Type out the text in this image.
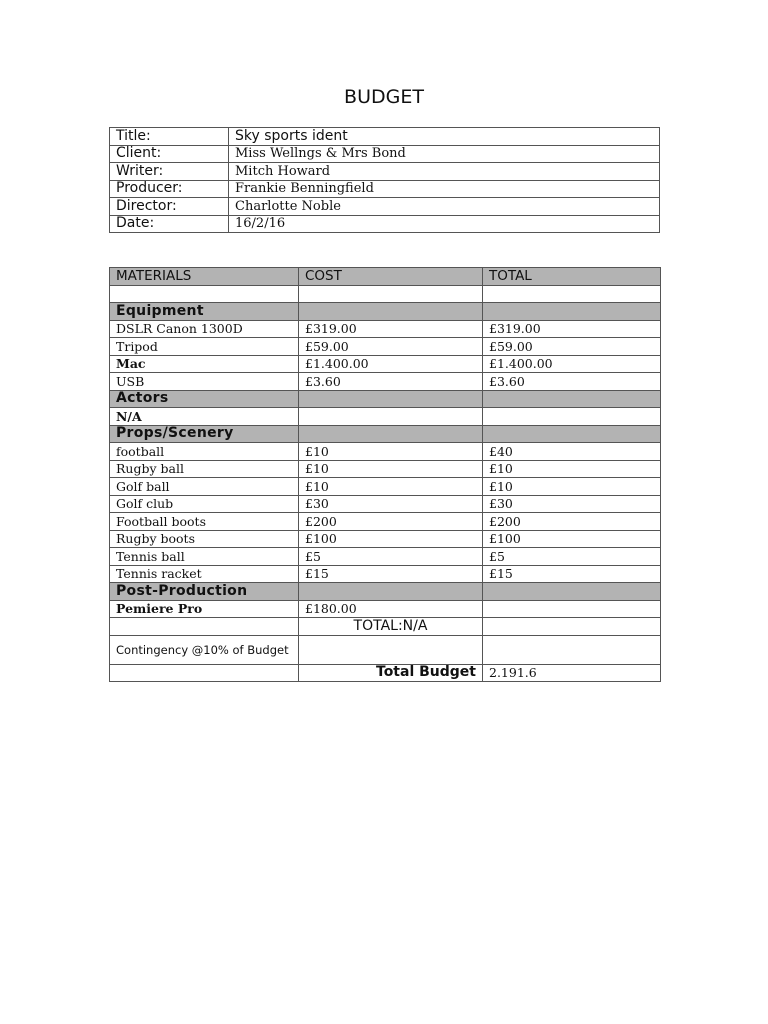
BUDGET
Title:	Sky sports ident
Client:	Miss Wellngs & Mrs Bond
Writer:	Mitch Howard
Producer:	Frankie Benningfield
Director:	Charlotte Noble
Date:	16/2/16
MATERIALS	COST	TOTAL

Equipment		
DSLR Canon 1300D	£319.00	£319.00
Tripod	£59.00	£59.00
Mac	£1.400.00	£1.400.00
USB	£3.60	£3.60
Actors		
N/A		
Props/Scenery		
football	£10	£40
Rugby ball	£10	£10
Golf ball	£10	£10
Golf club	£30	£30
Football boots	£200	£200
Rugby boots	£100	£100
Tennis ball	£5	£5
Tennis racket	£15	£15
Post-Production		
Pemiere Pro	£180.00	
	TOTAL:N/A	
Contingency @10% of Budget		
	Total Budget	2.191.6
